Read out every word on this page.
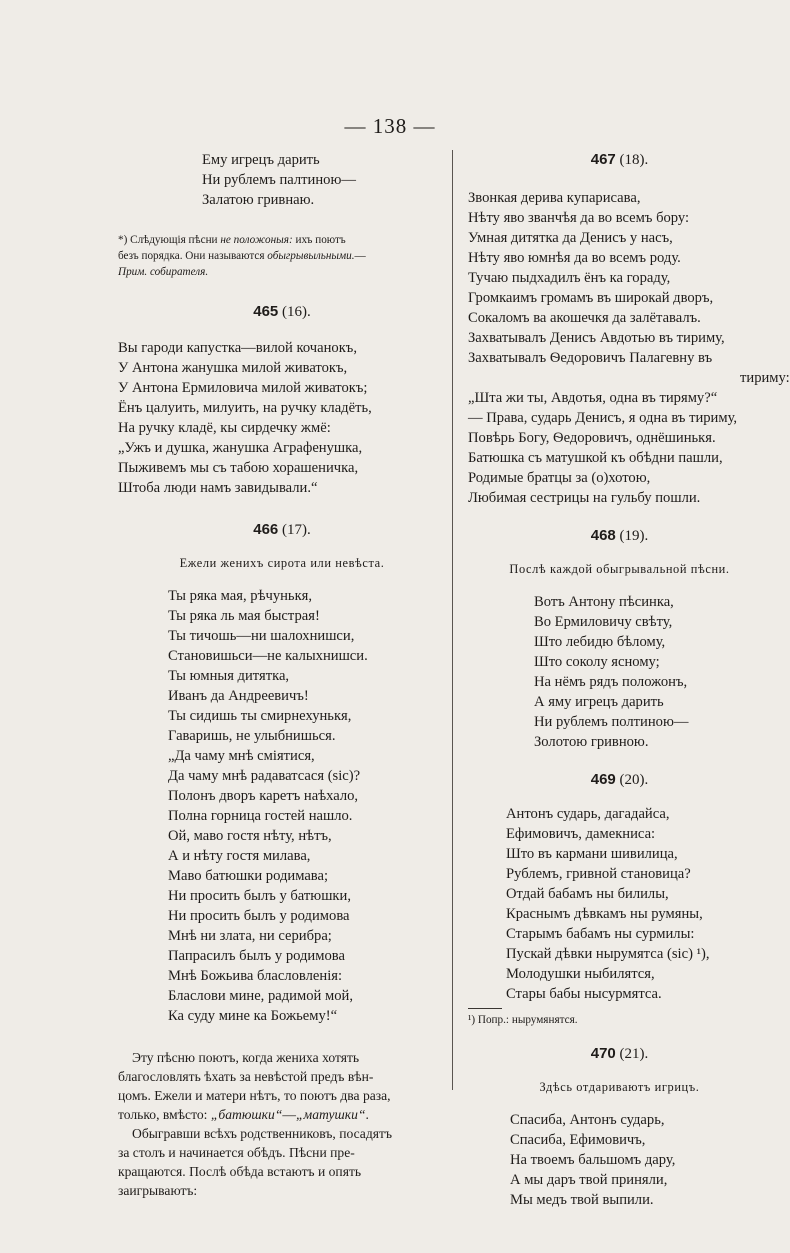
— 138 —
Ему игрецъ дарить
Ни рублемъ палтиною—
Залатою гривнаю.
*) Слѣдующія пѣсни не положоныя: ихъ поютъ
безъ порядка. Они называются обыгрывыльными.—
Прим. собирателя.
465 (16).
Вы гароди капустка—вилой кочанокъ,
У Антона жанушка милой живатокъ,
У Антона Ермиловича милой живатокъ;
Ёнъ цалуить, милуить, на ручку кладёть,
На ручку кладё, кы сирдечку жмё:
„Ужъ и душка, жанушка Аграфенушка,
Пыживемъ мы съ табою хорашеничка,
Штоба люди намъ завидывали.“
466 (17).
Ежели жениxъ сирота или невѣста.
Ты ряка мая, рѣчунькя,
Ты ряка ль мая быстрая!
Ты тичошь—ни шалохнишси,
Становишьси—не калыхнишси.
Ты юмныя дитятка,
Иванъ да Андреевичъ!
Ты сидишь ты смирнехунькя,
Гаваришь, не улыбнишься.
„Да чаму мнѣ сміятися,
Да чаму мнѣ радаватсася (sic)?
Полонъ дворъ каретъ наѣхало,
Полна горница гостей нашло.
Ой, маво гостя нѣту, нѣтъ,
А и нѣту гостя милава,
Маво батюшки родимава;
Ни просить былъ у батюшки,
Ни просить былъ у родимова
Мнѣ ни злата, ни серибра;
Папрасилъ былъ у родимова
Мнѣ Божьива бласловленія:
Бласлови мине, радимой мой,
Ка суду мине ка Божьему!“
Эту пѣсню поютъ, когда жениха хотять
благословлять ѣхать за невѣстой предъ вѣн-
цомъ. Ежели и матери нѣтъ, то поютъ два раза,
только, вмѣсто: „батюшки“—„матушки“.
Обыгравши всѣхъ родственниковъ, посадятъ
за столъ и начинается обѣдъ. Пѣсни пре-
кращаются. Послѣ обѣда встаютъ и опять
заигрываютъ:
467 (18).
Звонкая дерива кyпарисава,
Нѣту яво званчѣя да во всемъ бору:
Умная дитятка да Денисъ у насъ,
Нѣту яво юмнѣя да во всемъ роду.
Тучаю пыдхадилъ ёнъ ка гораду,
Громкаимъ громамъ въ широкай дворъ,
Сокаломъ ва акошечкя да залётавалъ.
Захватывалъ Денисъ Авдотью въ тириму,
Захватывалъ Ѳедоровичъ Палагевну въ
тириму:
„Шта жи ты, Авдотья, одна въ тиряму?“
— Права, сударь Денисъ, я одна въ тириму,
Повѣрь Богу, Ѳедоровичъ, однёшинькя.
Батюшка съ матушкой къ обѣдни пашли,
Родимые братцы за (о)хотою,
Любимая сестрицы на гульбу пошли.
468 (19).
Послѣ каждой обыгрывальной пѣсни.
Вотъ Антону пѣсинка,
Во Ермиловичу свѣту,
Што лебидю бѣлому,
Што соколу ясному;
На нёмъ рядъ положонъ,
А яму игрецъ дарить
Ни рублемъ полтиною—
Золотою гривною.
469 (20).
Антонъ сударь, дагадайса,
Ефимовичъ, дамекниса:
Што въ кармани шивилица,
Рублемъ, гривной становица?
Отдай бабамъ ны билилы,
Краснымъ дѣвкамъ ны румяны,
Старымъ бабамъ ны сурмилы:
Пускай дѣвки нырумятса (sic) ¹),
Молодушки ныбилятся,
Стары бабы нысурмятса.
¹) Попр.: нырумянятся.
470 (21).
Здѣсь отдариваютъ игрицъ.
Спасиба, Антонъ сударь,
Спасиба, Ефимовичъ,
На твоемъ бальшомъ дару,
А мы даръ твой приняли,
Мы медъ твой выпили.
